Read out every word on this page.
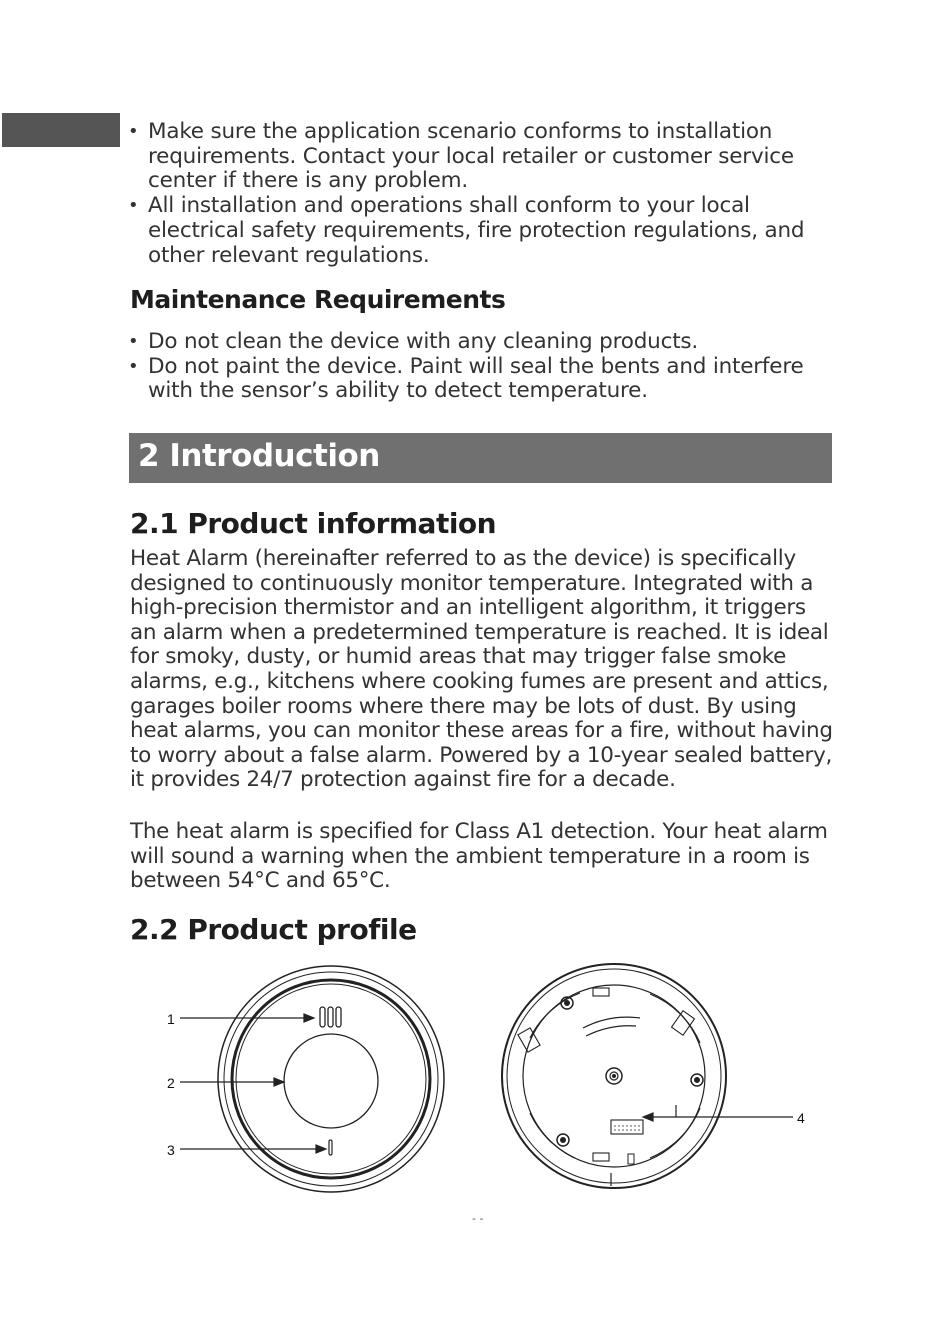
• Make sure the application scenario conforms to installation requirements. Contact your local retailer or customer service center if there is any problem.
• All installation and operations shall conform to your local electrical safety requirements, fire protection regulations, and other relevant regulations.
Maintenance Requirements
• Do not clean the device with any cleaning products.
• Do not paint the device. Paint will seal the bents and interfere with the sensor’s ability to detect temperature.
2 Introduction
2.1 Product information

Heat Alarm (hereinafter referred to as the device) is specifically designed to continuously monitor temperature. Integrated with a high-precision thermistor and an intelligent algorithm, it triggers an alarm when a predetermined temperature is reached. It is ideal for smoky, dusty, or humid areas that may trigger false smoke alarms, e.g., kitchens where cooking fumes are present and attics, garages boiler rooms where there may be lots of dust. By using heat alarms, you can monitor these areas for a fire, without having to worry about a false alarm. Powered by a 10-year sealed battery, it provides 24/7 protection against fire for a decade.

The heat alarm is specified for Class A1 detection. Your heat alarm will sound a warning when the ambient temperature in a room is between 54°C and 65°C.

2.2 Product profile
1
2
3
4
- -
